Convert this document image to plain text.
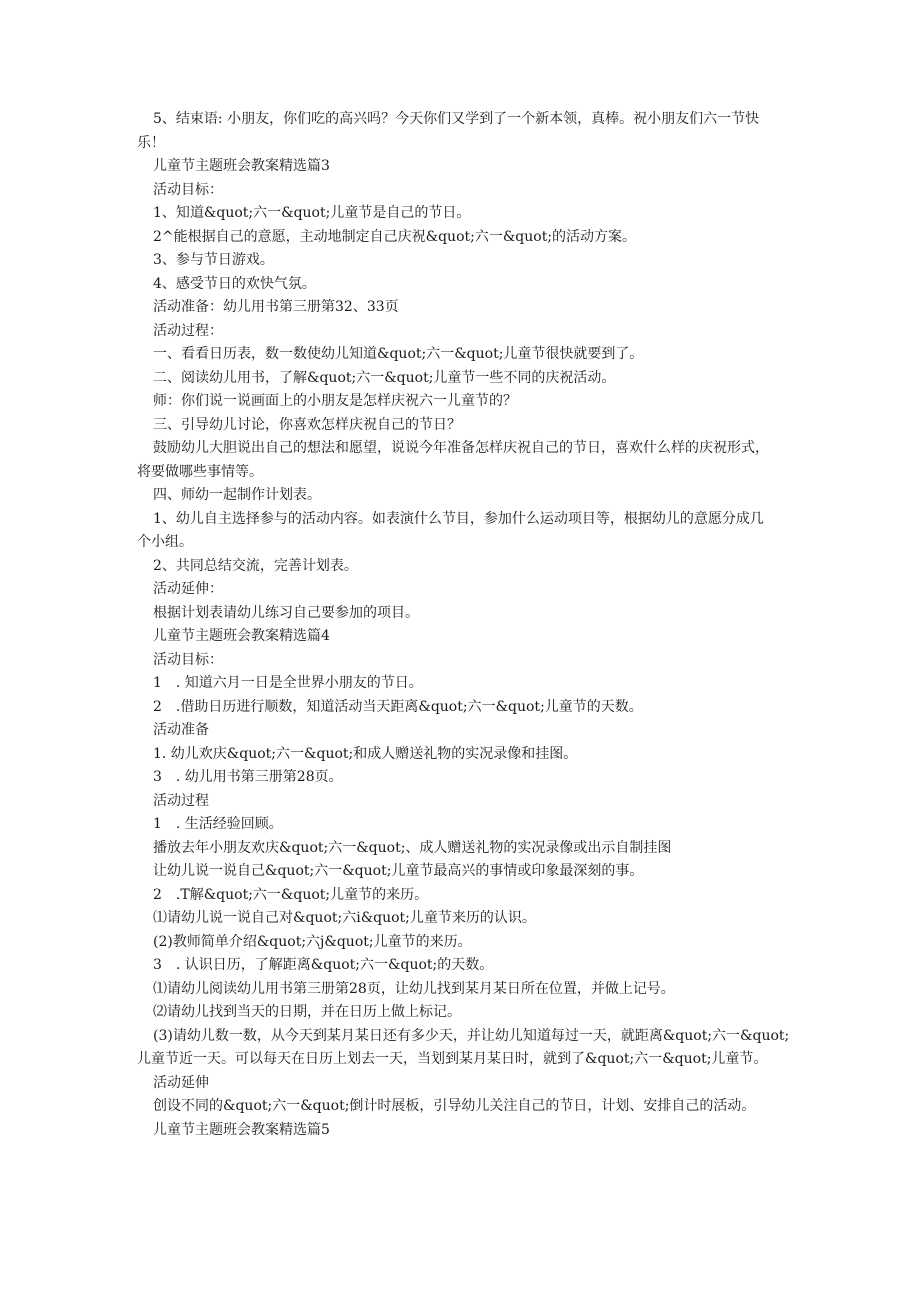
5、结束语: 小朋友，你们吃的高兴吗？今天你们又学到了一个新本领，真棒。祝小朋友们六一节快
乐！
儿童节主题班会教案精选篇3
活动目标：
1、知道&quot;六一&quot;儿童节是自己的节日。
2^能根据自己的意愿，主动地制定自己庆祝&quot;六一&quot;的活动方案。
3、参与节日游戏。
4、感受节日的欢快气氛。
活动准备：幼儿用书第三册第32、33页
活动过程：
一、看看日历表，数一数使幼儿知道&quot;六一&quot;儿童节很快就要到了。
二、阅读幼儿用书，了解&quot;六一&quot;儿童节一些不同的庆祝活动。
师：你们说一说画面上的小朋友是怎样庆祝六一儿童节的？
三、引导幼儿讨论，你喜欢怎样庆祝自己的节日？
鼓励幼儿大胆说出自己的想法和愿望，说说今年准备怎样庆祝自己的节日，喜欢什么样的庆祝形式，
将要做哪些事情等。
四、师幼一起制作计划表。
1、幼儿自主选择参与的活动内容。如表演什么节目，参加什么运动项目等，根据幼儿的意愿分成几
个小组。
2、共同总结交流，完善计划表。
活动延伸：
根据计划表请幼儿练习自己要参加的项目。
儿童节主题班会教案精选篇4
活动目标：
1　. 知道六月一日是全世界小朋友的节日。
2　.借助日历进行顺数，知道活动当天距离&quot;六一&quot;儿童节的天数。
活动准备
1. 幼儿欢庆&quot;六一&quot;和成人赠送礼物的实况录像和挂图。
3　. 幼儿用书第三册第28页。
活动过程
1　. 生活经验回顾。
播放去年小朋友欢庆&quot;六一&quot;、成人赠送礼物的实况录像或出示自制挂图
让幼儿说一说自己&quot;六一&quot;儿童节最高兴的事情或印象最深刻的事。
2　.T解&quot;六一&quot;儿童节的来历。
⑴请幼儿说一说自己对&quot;六i&quot;儿童节来历的认识。
(2)教师简单介绍&quot;六j&quot;儿童节的来历。
3　. 认识日历，了解距离&quot;六一&quot;的天数。
⑴请幼儿阅读幼儿用书第三册第28页，让幼儿找到某月某日所在位置，并做上记号。
⑵请幼儿找到当天的日期，并在日历上做上标记。
(3)请幼儿数一数，从今天到某月某日还有多少天，并让幼儿知道每过一天，就距离&quot;六一&quot;
儿童节近一天。可以每天在日历上划去一天，当划到某月某日时，就到了&quot;六一&quot;儿童节。
活动延伸
创设不同的&quot;六一&quot;倒计时展板，引导幼儿关注自己的节日，计划、安排自己的活动。
儿童节主题班会教案精选篇5
